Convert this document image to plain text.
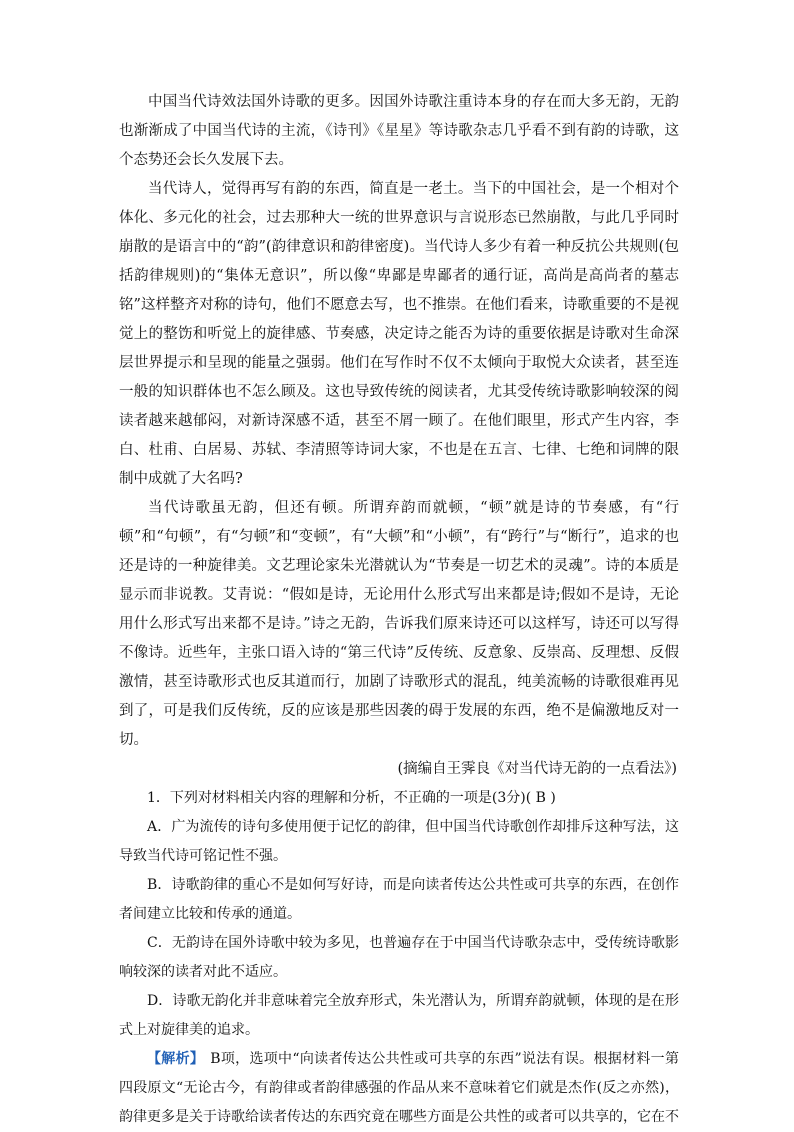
中国当代诗效法国外诗歌的更多。因国外诗歌注重诗本身的存在而大多无韵，无韵也渐渐成了中国当代诗的主流，《诗刊》《星星》等诗歌杂志几乎看不到有韵的诗歌，这个态势还会长久发展下去。

当代诗人，觉得再写有韵的东西，简直是一老土。当下的中国社会，是一个相对个体化、多元化的社会，过去那种大一统的世界意识与言说形态已然崩散，与此几乎同时崩散的是语言中的“韵”(韵律意识和韵律密度)。当代诗人多少有着一种反抗公共规则(包括韵律规则)的“集体无意识”，所以像“卑鄙是卑鄙者的通行证，高尚是高尚者的墓志铭”这样整齐对称的诗句，他们不愿意去写，也不推崇。在他们看来，诗歌重要的不是视觉上的整饬和听觉上的旋律感、节奏感，决定诗之能否为诗的重要依据是诗歌对生命深层世界提示和呈现的能量之强弱。他们在写作时不仅不太倾向于取悦大众读者，甚至连一般的知识群体也不怎么顾及。这也导致传统的阅读者，尤其受传统诗歌影响较深的阅读者越来越郁闷，对新诗深感不适，甚至不屑一顾了。在他们眼里，形式产生内容，李白、杜甫、白居易、苏轼、李清照等诗词大家，不也是在五言、七律、七绝和词牌的限制中成就了大名吗?

当代诗歌虽无韵，但还有顿。所谓弃韵而就顿，“顿”就是诗的节奏感，有“行顿”和“句顿”，有“匀顿”和“变顿”，有“大顿”和“小顿”，有“跨行”与“断行”，追求的也还是诗的一种旋律美。文艺理论家朱光潜就认为“节奏是一切艺术的灵魂”。诗的本质是显示而非说教。艾青说：“假如是诗，无论用什么形式写出来都是诗;假如不是诗，无论用什么形式写出来都不是诗。”诗之无韵，告诉我们原来诗还可以这样写，诗还可以写得不像诗。近些年，主张口语入诗的“第三代诗”反传统、反意象、反崇高、反理想、反假激情，甚至诗歌形式也反其道而行，加剧了诗歌形式的混乱，纯美流畅的诗歌很难再见到了，可是我们反传统，反的应该是那些因袭的碍于发展的东西，绝不是偏激地反对一切。

(摘编自王霁良《对当代诗无韵的一点看法》)

1．下列对材料相关内容的理解和分析，不正确的一项是(3分)( B )

A．广为流传的诗句多使用便于记忆的韵律，但中国当代诗歌创作却排斥这种写法，这导致当代诗可铭记性不强。

B．诗歌韵律的重心不是如何写好诗，而是向读者传达公共性或可共享的东西，在创作者间建立比较和传承的通道。

C．无韵诗在国外诗歌中较为多见，也普遍存在于中国当代诗歌杂志中，受传统诗歌影响较深的读者对此不适应。

D．诗歌无韵化并非意味着完全放弃形式，朱光潜认为，所谓弃韵就顿，体现的是在形式上对旋律美的追求。

【解析】 B项，选项中“向读者传达公共性或可共享的东西”说法有误。根据材料一第四段原文“无论古今，有韵律或者韵律感强的作品从来不意味着它们就是杰作(反之亦然)，韵律更多是关于诗歌给读者传达的东西究竟在哪些方面是公共性的或者可以共享的，它在不
